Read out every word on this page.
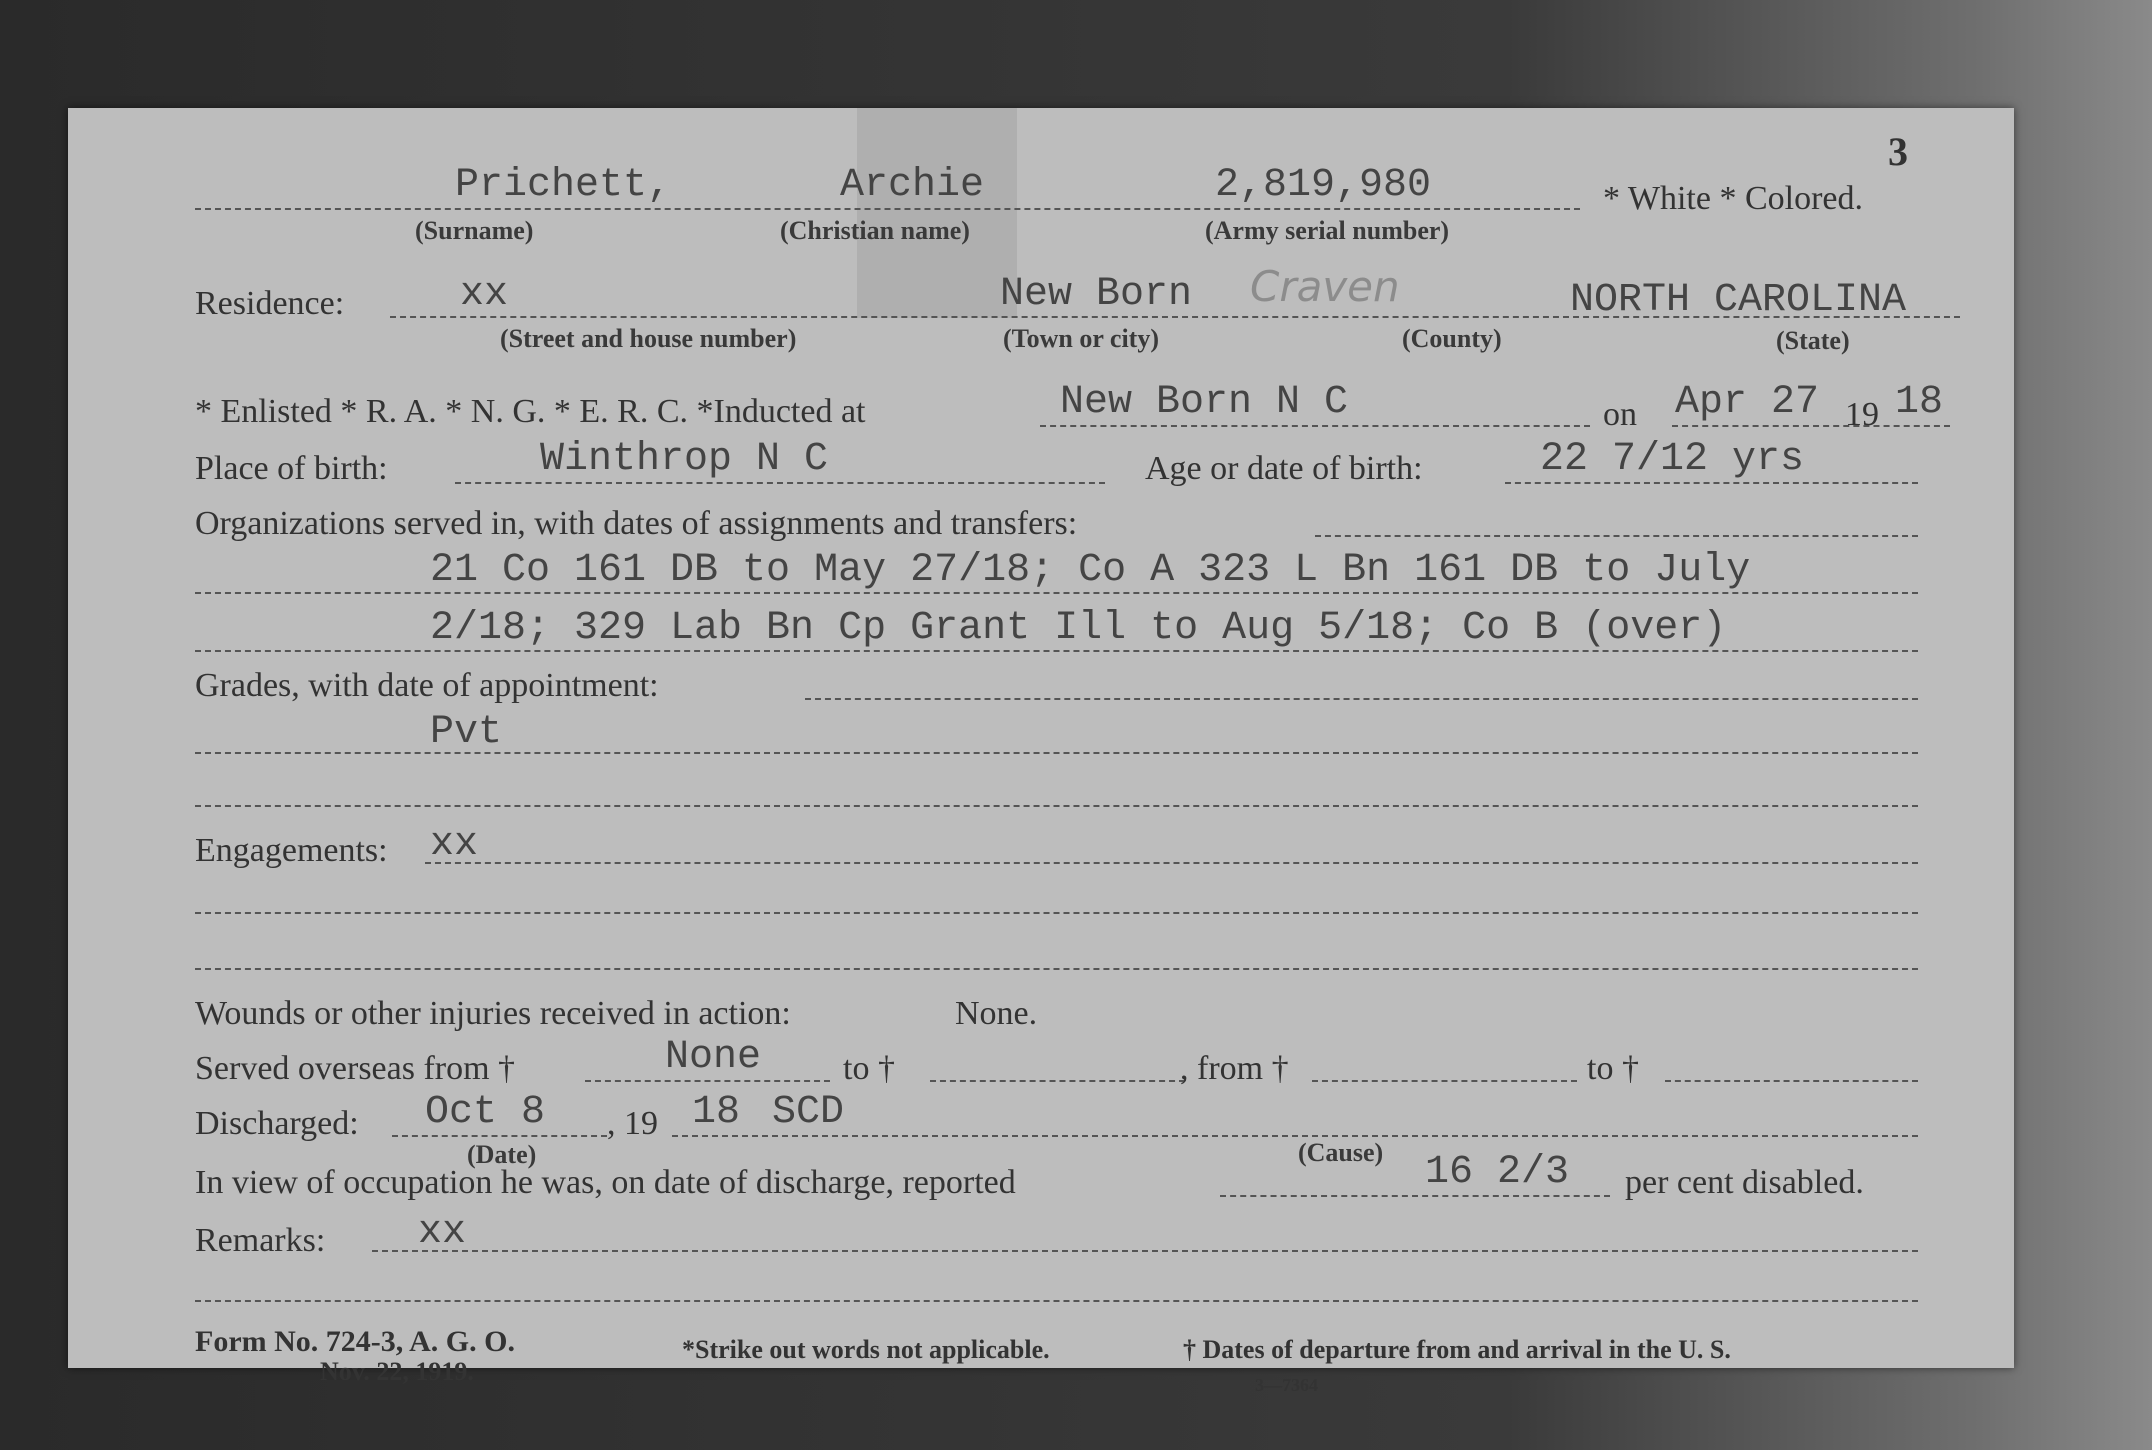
3
Prichett,	Archie	2,819,980	* White * Colored.
(Surname)	(Christian name)	(Army serial number)
Residence:	xx	New Born Craven	NORTH CAROLINA
(Street and house number)	(Town or city)	(County)	(State)
* Enlisted * R. A. * N. G. * E. R. C. *Inducted at	New Born N C	on Apr 27 19 18
Place of birth:	Winthrop N C	Age or date of birth:	22 7/12 yrs
Organizations served in, with dates of assignments and transfers:
21 Co 161 DB to May 27/18; Co A 323 L Bn 161 DB to July
2/18; 329 Lab Bn Cp Grant Ill to Aug 5/18; Co B (over)
Grades, with date of appointment:
Pvt
Engagements: xx
Wounds or other injuries received in action:	None.
Served overseas from †	None to †	, from †	to †
Discharged: Oct 8 , 19 18 SCD
(Date)	(Cause)
In view of occupation he was, on date of discharge, reported	16 2/3 per cent disabled.
Remarks: xx
Form No. 724-3, A. G. O.
Nov. 22, 1919.
*Strike out words not applicable.	† Dates of departure from and arrival in the U. S.
3—7364
